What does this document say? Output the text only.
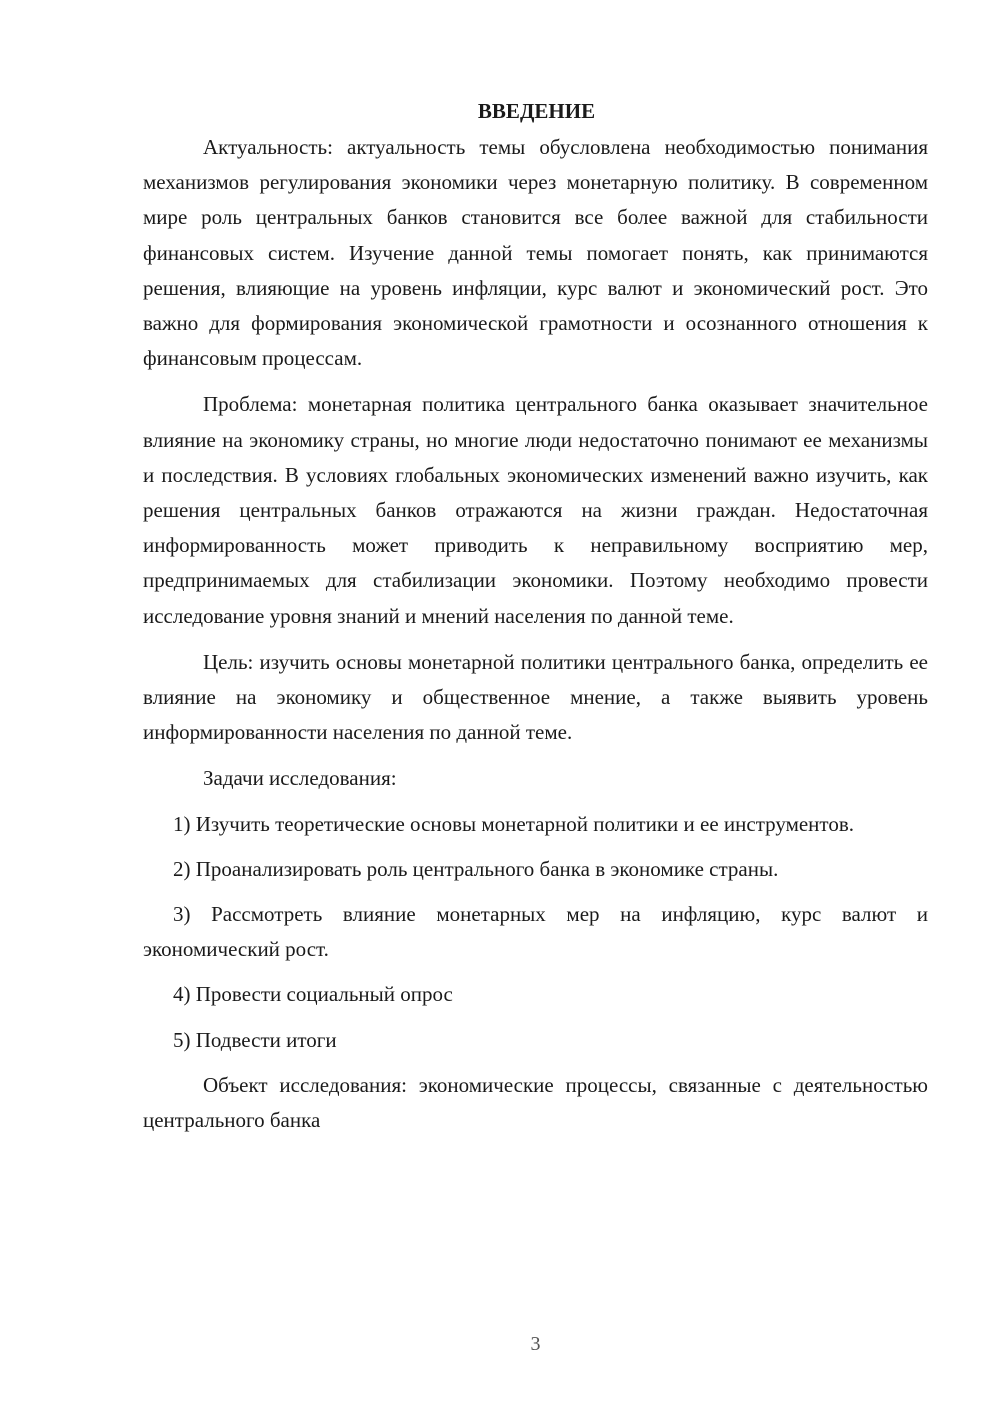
ВВЕДЕНИЕ

Актуальность: актуальность темы обусловлена необходимостью понимания механизмов регулирования экономики через монетарную политику. В современном мире роль центральных банков становится все более важной для стабильности финансовых систем. Изучение данной темы помогает понять, как принимаются решения, влияющие на уровень инфляции, курс валют и экономический рост. Это важно для формирования экономической грамотности и осознанного отношения к финансовым процессам.

Проблема: монетарная политика центрального банка оказывает значительное влияние на экономику страны, но многие люди недостаточно понимают ее механизмы и последствия. В условиях глобальных экономических изменений важно изучить, как решения центральных банков отражаются на жизни граждан. Недостаточная информированность может приводить к неправильному восприятию мер, предпринимаемых для стабилизации экономики. Поэтому необходимо провести исследование уровня знаний и мнений населения по данной теме.

Цель: изучить основы монетарной политики центрального банка, определить ее влияние на экономику и общественное мнение, а также выявить уровень информированности населения по данной теме.

Задачи исследования:

1) Изучить теоретические основы монетарной политики и ее инструментов.

2) Проанализировать роль центрального банка в экономике страны.

3) Рассмотреть влияние монетарных мер на инфляцию, курс валют и экономический рост.

4) Провести социальный опрос

5) Подвести итоги

Объект исследования: экономические процессы, связанные с деятельностью центрального банка

3
